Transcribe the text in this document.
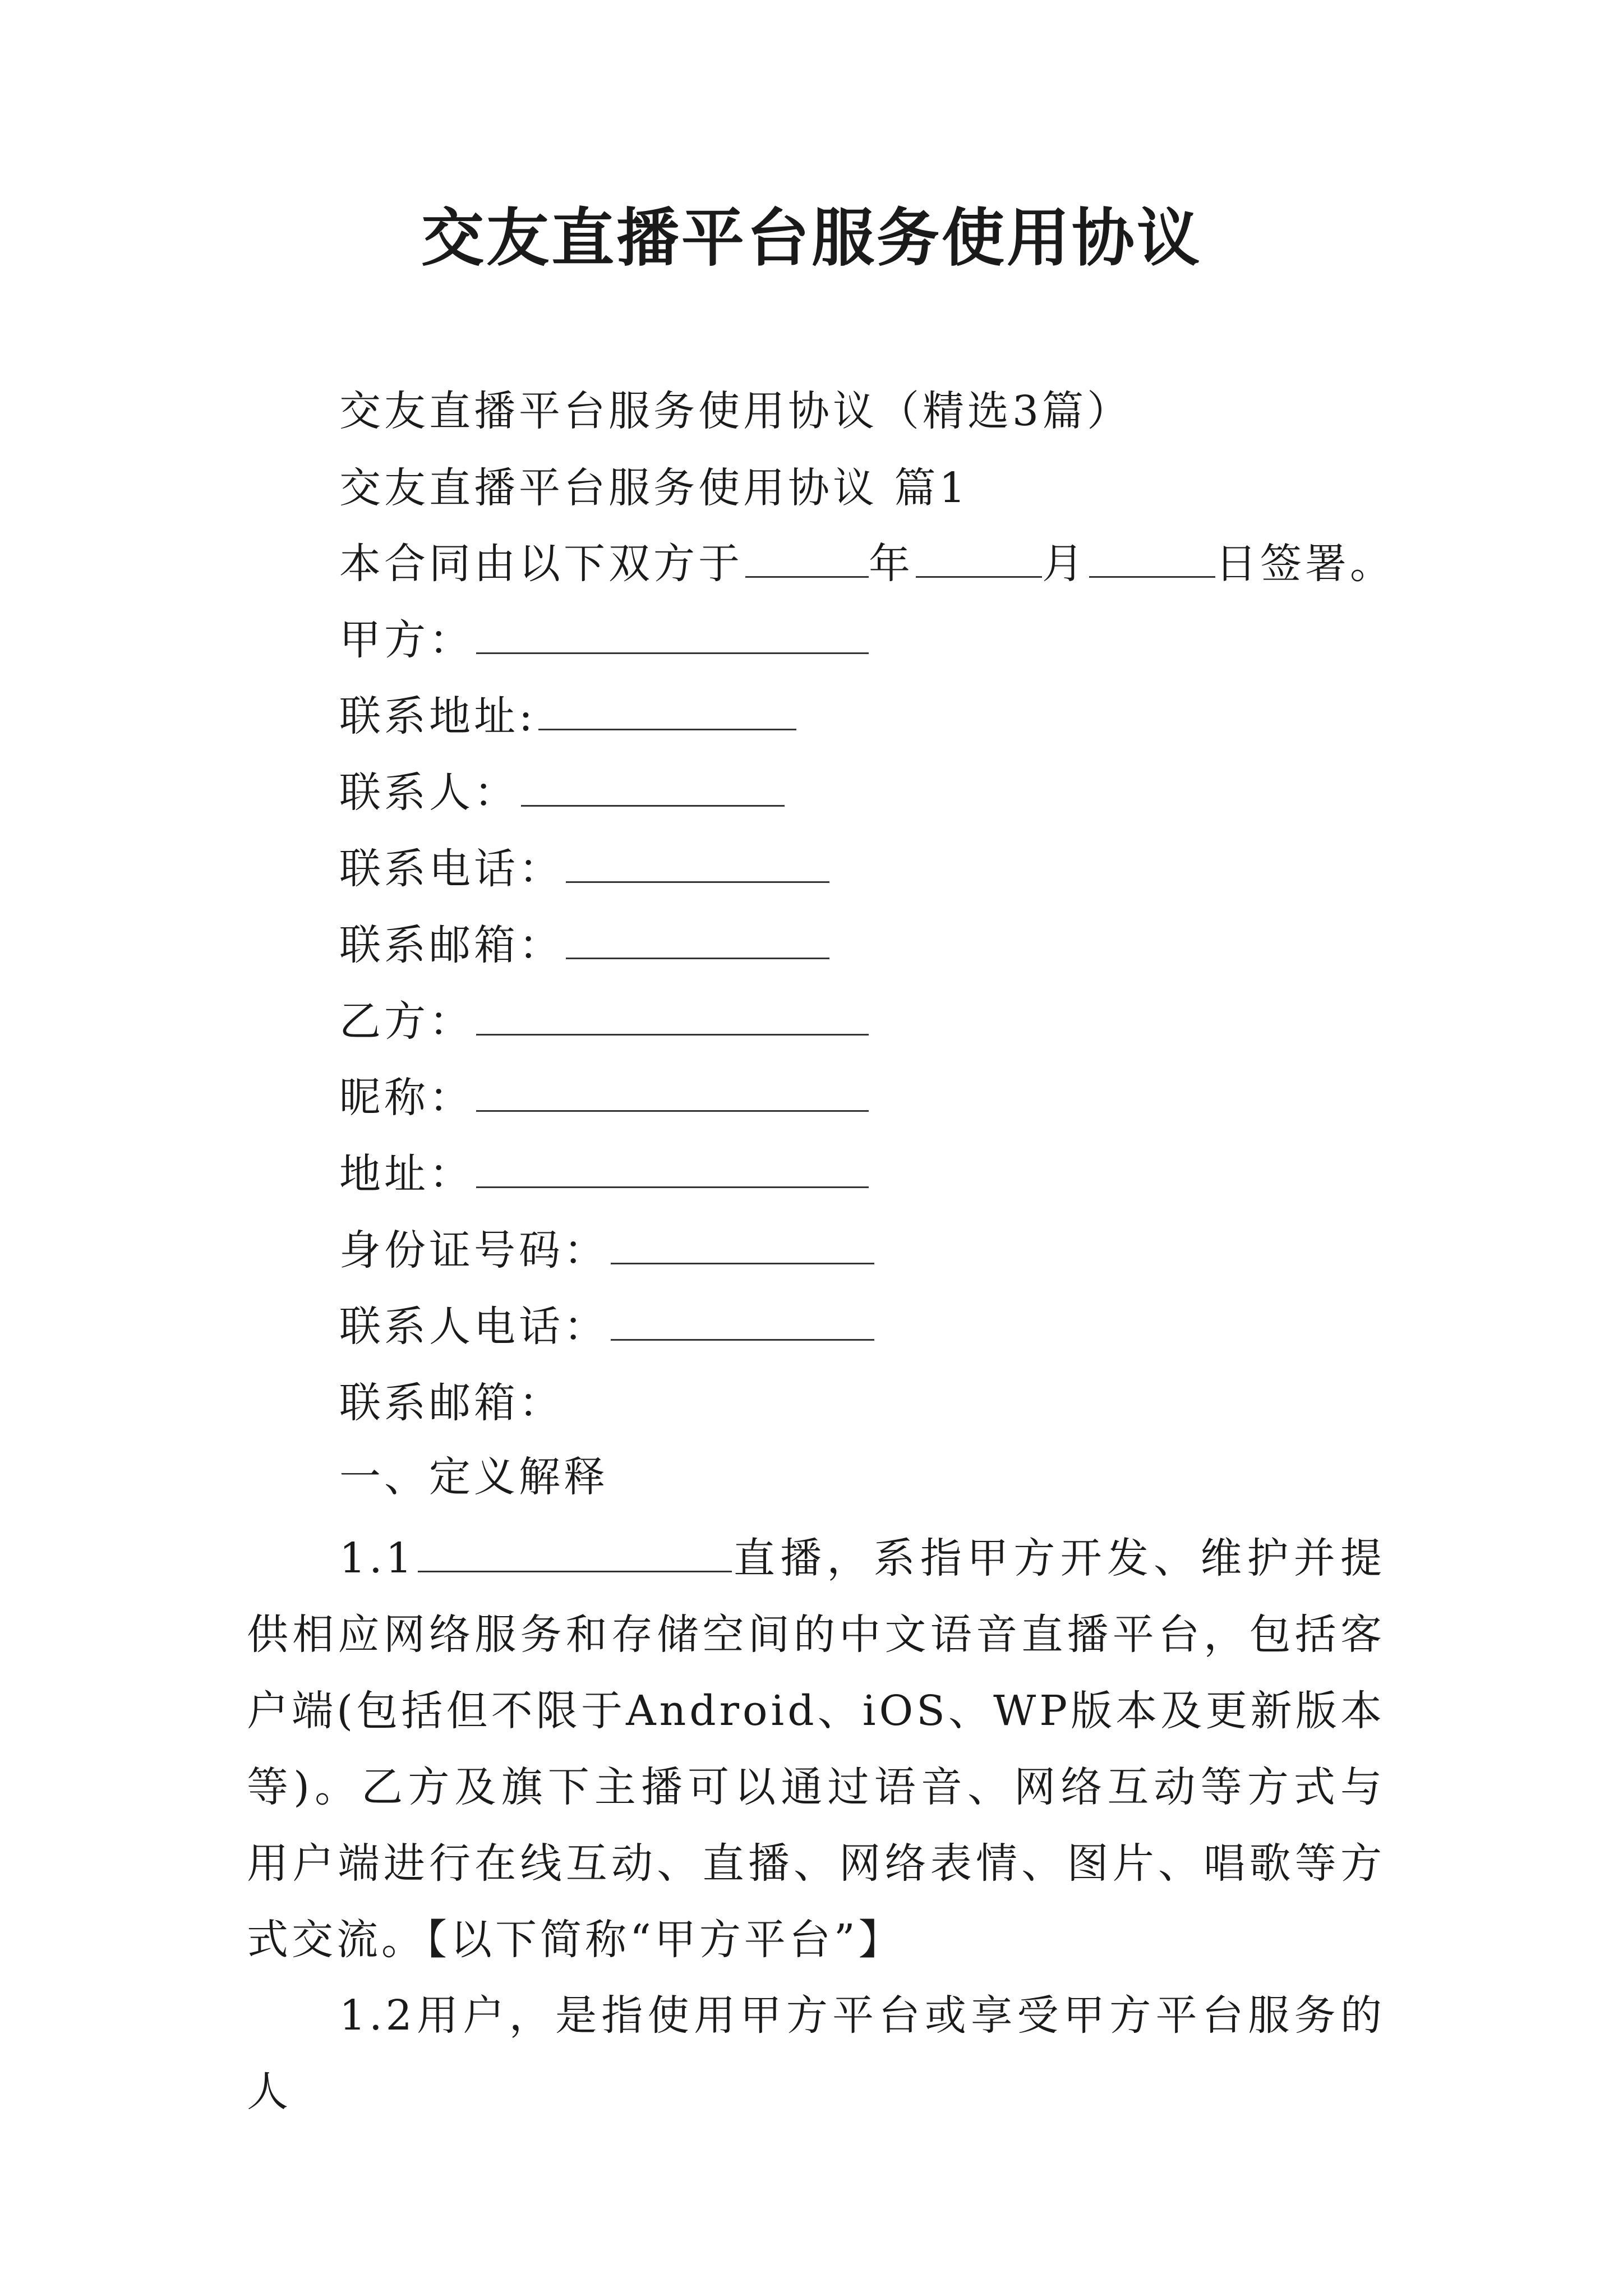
交友直播平台服务使用协议
交友直播平台服务使用协议（精选3篇）
交友直播平台服务使用协议 篇1
本合同由以下双方于	年	月	日签署。
甲方：
联系地址:
联系人：
联系电话：
联系邮箱：
乙方：
昵称：
地址：
身份证号码：
联系人电话：
联系邮箱：
一、定义解释
1.1	直播，系指甲方开发、维护并提供相应网络服务和存储空间的中文语音直播平台，包括客户端(包括但不限于Android、iOS、WP版本及更新版本等)。乙方及旗下主播可以通过语音、网络互动等方式与用户端进行在线互动、直播、网络表情、图片、唱歌等方式交流。【以下简称“甲方平台”】
1.2用户，是指使用甲方平台或享受甲方平台服务的人
